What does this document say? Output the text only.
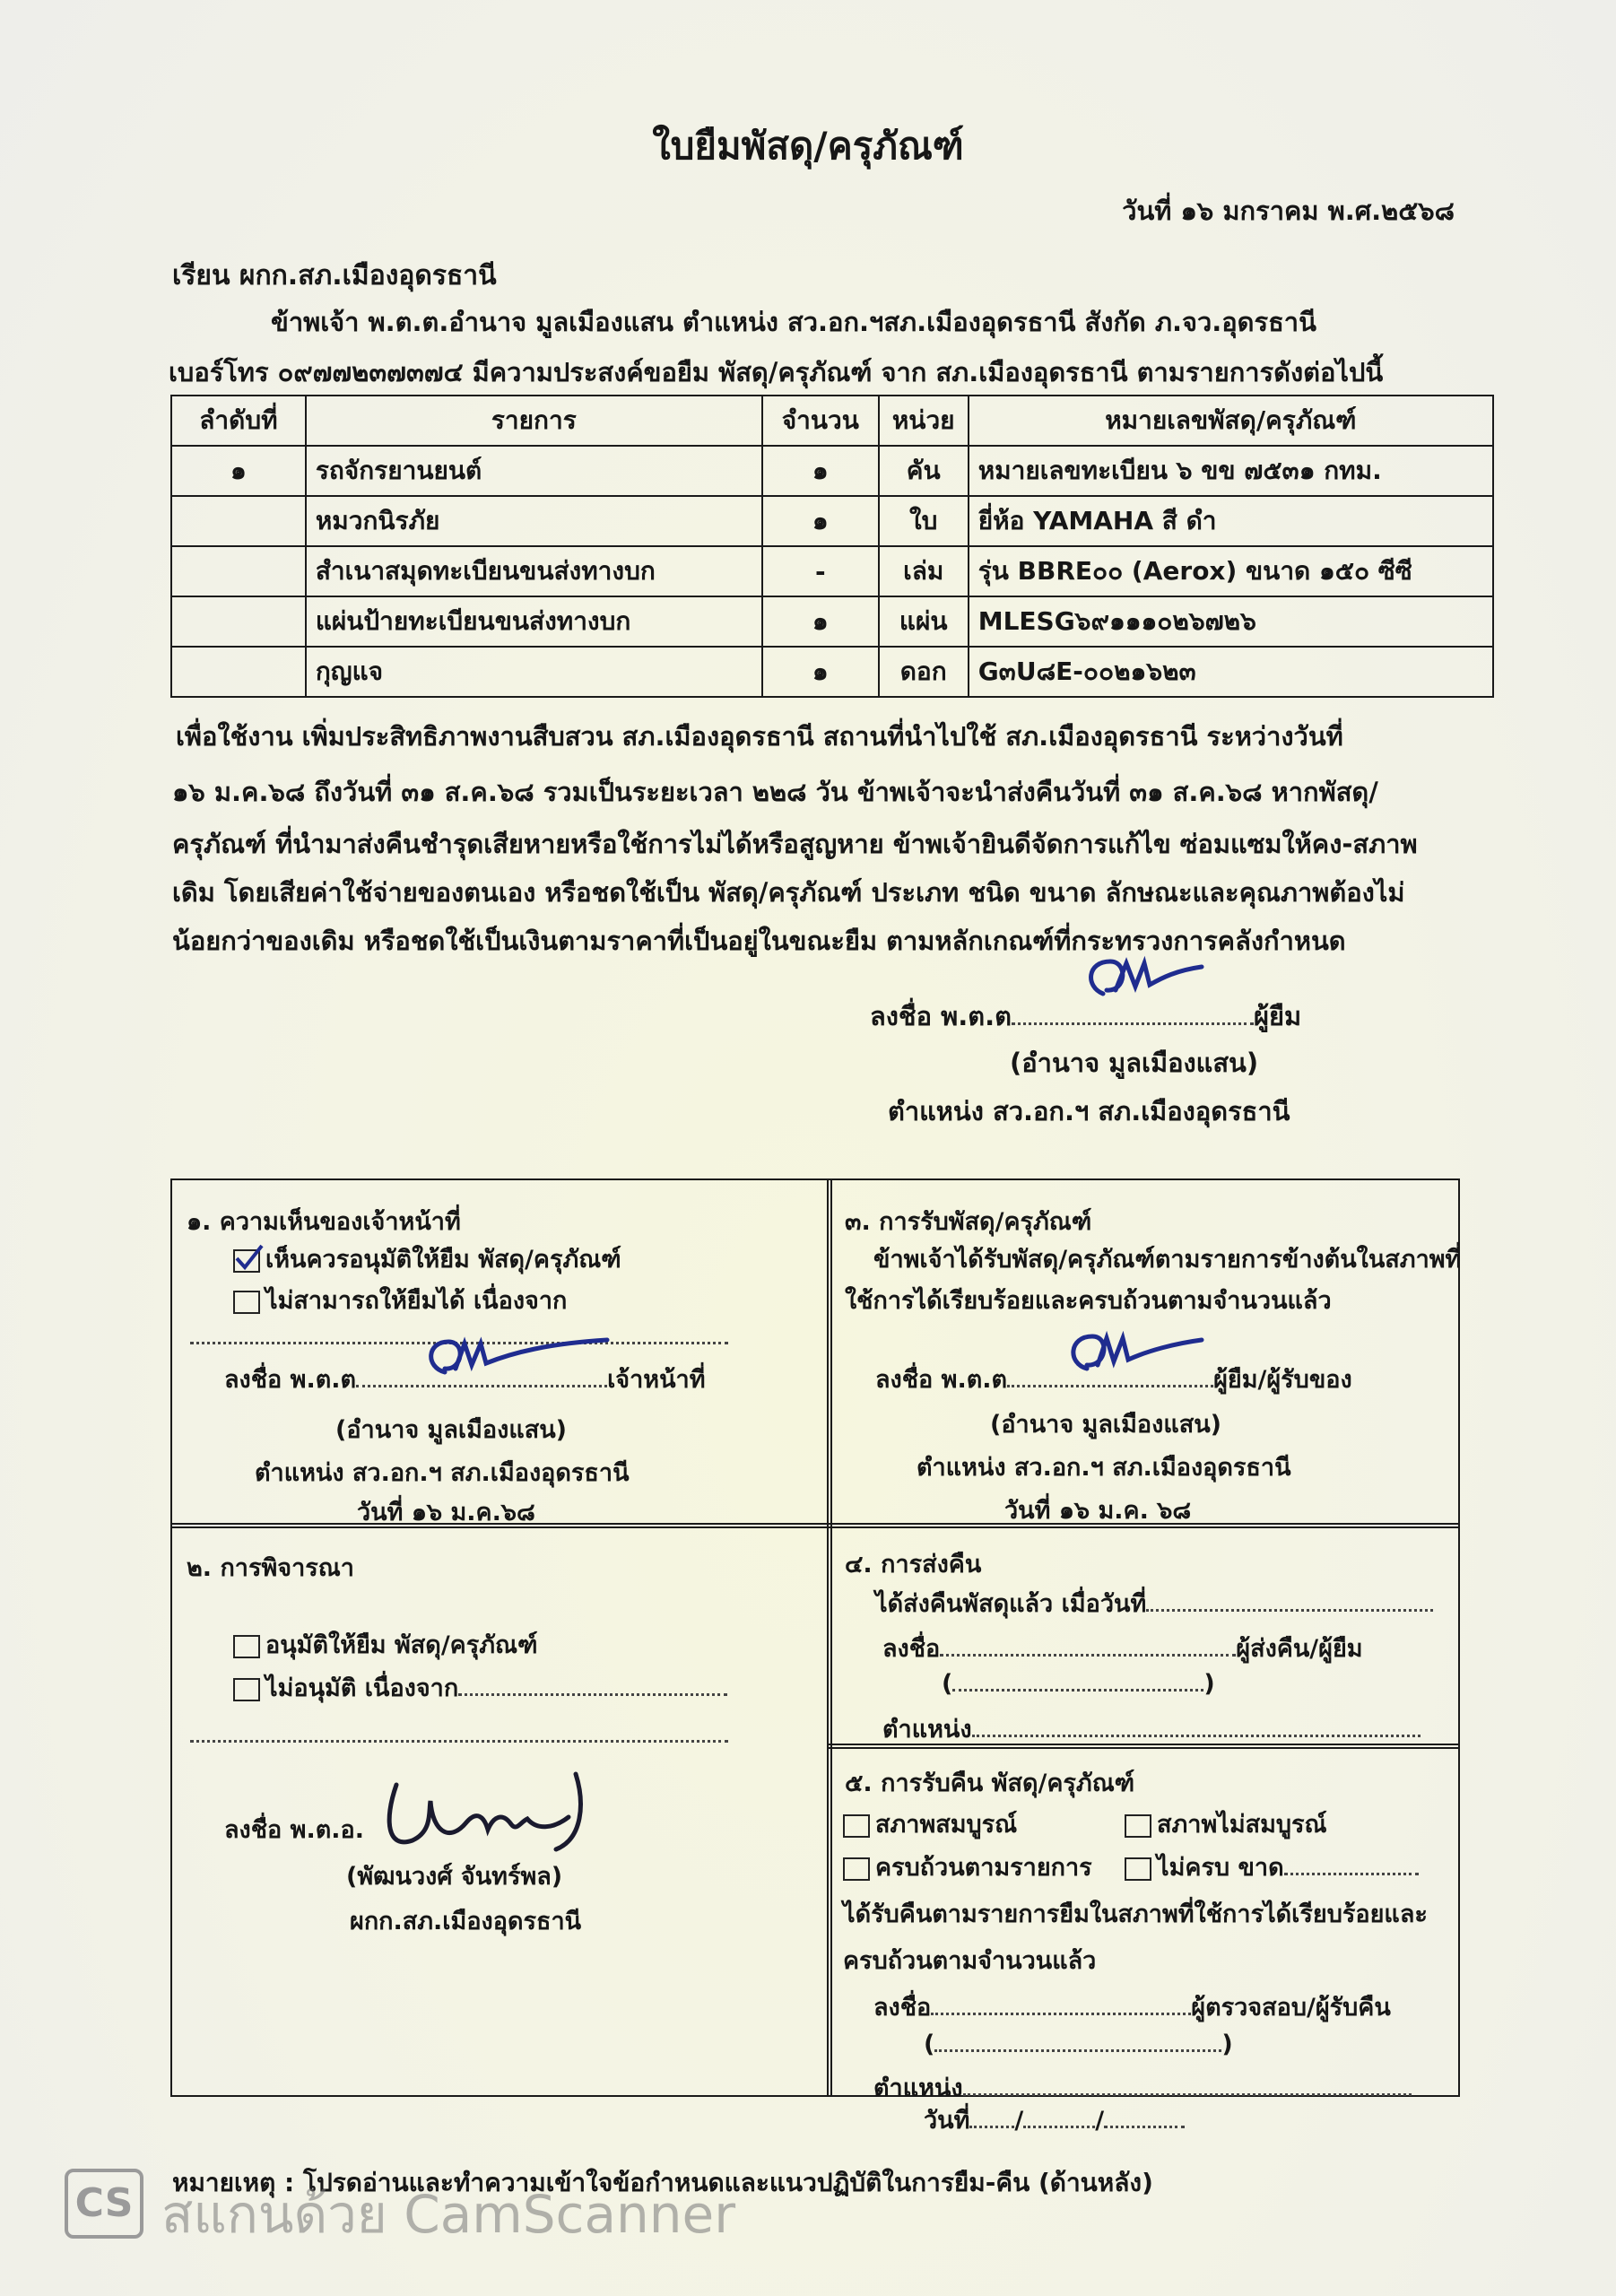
ใบยืมพัสดุ/ครุภัณฑ์
วันที่ ๑๖ มกราคม พ.ศ.๒๕๖๘
เรียน ผกก.สภ.เมืองอุดรธานี
ข้าพเจ้า พ.ต.ต.อำนาจ มูลเมืองแสน ตำแหน่ง สว.อก.ฯสภ.เมืองอุดรธานี สังกัด ภ.จว.อุดรธานี
เบอร์โทร ๐๙๗๗๒๓๗๓๗๔ มีความประสงค์ขอยืม พัสดุ/ครุภัณฑ์ จาก สภ.เมืองอุดรธานี ตามรายการดังต่อไปนี้
ลำดับที่	รายการ	จำนวน	หน่วย	หมายเลขพัสดุ/ครุภัณฑ์
๑	รถจักรยานยนต์	๑	คัน	หมายเลขทะเบียน ๖ ขข ๗๕๓๑ กทม.
	หมวกนิรภัย	๑	ใบ	ยี่ห้อ YAMAHA สี ดำ
	สำเนาสมุดทะเบียนขนส่งทางบก	-	เล่ม	รุ่น BBRE๐๐ (Aerox) ขนาด ๑๕๐ ซีซี
	แผ่นป้ายทะเบียนขนส่งทางบก	๑	แผ่น	MLESG๖๙๑๑๑๐๒๖๗๒๖
	กุญแจ	๑	ดอก	G๓U๘E-๐๐๒๑๖๒๓
เพื่อใช้งาน เพิ่มประสิทธิภาพงานสืบสวน สภ.เมืองอุดรธานี สถานที่นำไปใช้ สภ.เมืองอุดรธานี ระหว่างวันที่
๑๖ ม.ค.๖๘ ถึงวันที่ ๓๑ ส.ค.๖๘ รวมเป็นระยะเวลา ๒๒๘ วัน ข้าพเจ้าจะนำส่งคืนวันที่ ๓๑ ส.ค.๖๘ หากพัสดุ/
ครุภัณฑ์ ที่นำมาส่งคืนชำรุดเสียหายหรือใช้การไม่ได้หรือสูญหาย ข้าพเจ้ายินดีจัดการแก้ไข ซ่อมแซมให้คง-สภาพ
เดิม โดยเสียค่าใช้จ่ายของตนเอง หรือชดใช้เป็น พัสดุ/ครุภัณฑ์ ประเภท ชนิด ขนาด ลักษณะและคุณภาพต้องไม่
น้อยกว่าของเดิม หรือชดใช้เป็นเงินตามราคาที่เป็นอยู่ในขณะยืม ตามหลักเกณฑ์ที่กระทรวงการคลังกำหนด
ลงชื่อ พ.ต.ต	ผู้ยืม
(อำนาจ มูลเมืองแสน)
ตำแหน่ง สว.อก.ฯ สภ.เมืองอุดรธานี
๑. ความเห็นของเจ้าหน้าที่
เห็นควรอนุมัติให้ยืม พัสดุ/ครุภัณฑ์
ไม่สามารถให้ยืมได้ เนื่องจาก
ลงชื่อ พ.ต.ต	เจ้าหน้าที่
(อำนาจ มูลเมืองแสน)
ตำแหน่ง สว.อก.ฯ สภ.เมืองอุดรธานี
วันที่ ๑๖ ม.ค.๖๘
๓. การรับพัสดุ/ครุภัณฑ์
ข้าพเจ้าได้รับพัสดุ/ครุภัณฑ์ตามรายการข้างต้นในสภาพที่
ใช้การได้เรียบร้อยและครบถ้วนตามจำนวนแล้ว
ลงชื่อ พ.ต.ต	ผู้ยืม/ผู้รับของ
(อำนาจ มูลเมืองแสน)
ตำแหน่ง สว.อก.ฯ สภ.เมืองอุดรธานี
วันที่ ๑๖ ม.ค. ๖๘
๒. การพิจารณา
อนุมัติให้ยืม พัสดุ/ครุภัณฑ์
ไม่อนุมัติ เนื่องจาก
ลงชื่อ พ.ต.อ.
(พัฒนวงศ์ จันทร์พล)
ผกก.สภ.เมืองอุดรธานี
๔. การส่งคืน
ได้ส่งคืนพัสดุแล้ว เมื่อวันที่
ลงชื่อ	ผู้ส่งคืน/ผู้ยืม
(	)
ตำแหน่ง
๕. การรับคืน พัสดุ/ครุภัณฑ์
สภาพสมบูรณ์	สภาพไม่สมบูรณ์
ครบถ้วนตามรายการ	ไม่ครบ ขาด
ได้รับคืนตามรายการยืมในสภาพที่ใช้การได้เรียบร้อยและ
ครบถ้วนตามจำนวนแล้ว
ลงชื่อ	ผู้ตรวจสอบ/ผู้รับคืน
(	)
ตำแหน่ง
วันที่ /	/
หมายเหตุ : โปรดอ่านและทำความเข้าใจข้อกำหนดและแนวปฏิบัติในการยืม-คืน (ด้านหลัง)
CS สแกนด้วย CamScanner
